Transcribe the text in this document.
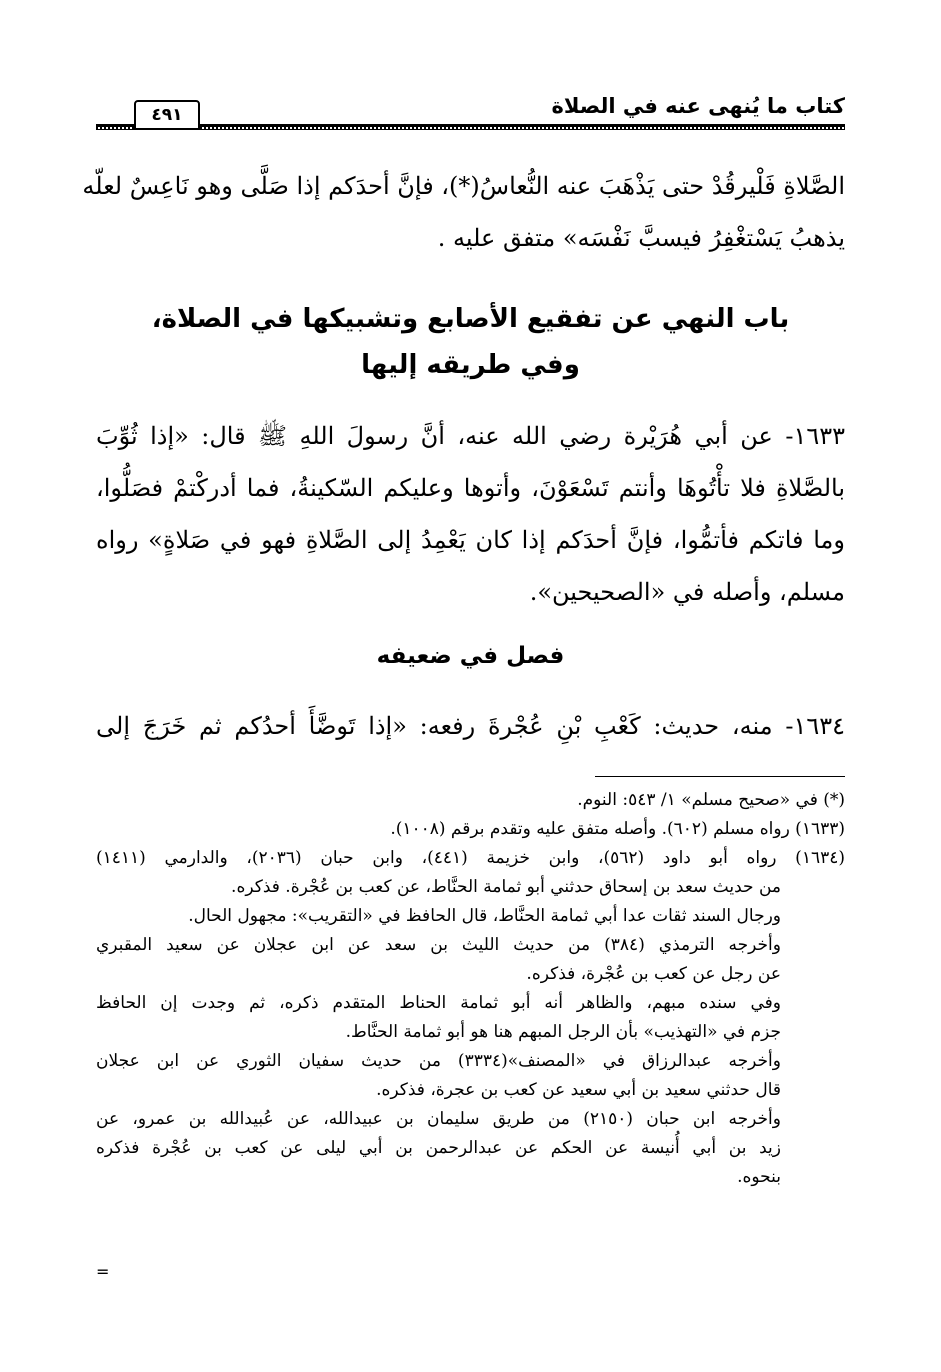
كتاب ما يُنهى عنه في الصلاة
٤٩١
الصَّلاةِ فَلْيرقُدْ حتى يَذْهَبَ عنه النُّعاسُ(*)، فإنَّ أحدَكم إذا صَلَّى وهو نَاعِسٌ لعلّه
يذهبُ يَسْتغْفِرُ فيسبَّ نَفْسَه» متفق عليه .
باب النهي عن تفقيع الأصابع وتشبيكها في الصلاة،
وفي طريقه إليها
١٦٣٣- عن أبي هُرَيْرة رضي الله عنه، أنَّ رسولَ اللهِ ﷺ قال: «إذا ثُوِّبَ
بالصَّلاةِ فلا تأْتُوهَا وأنتم تَسْعَوْنَ، وأتوها وعليكم السّكينةُ، فما أدركْتمْ فصَلُّوا،
وما فاتكم فأتمُّوا، فإنَّ أحدَكم إذا كان يَعْمِدُ إلى الصَّلاةِ فهو في صَلاةٍ» رواه
مسلم، وأصله في «الصحيحين».
فصل في ضعيفه
١٦٣٤- منه، حديث: كَعْبِ بْنِ عُجْرةَ رفعه: «إذا تَوضَّأَ أحدُكم ثم خَرَجَ إلى
(*) في «صحيح مسلم» ١/ ٥٤٣: النوم.
(١٦٣٣) رواه مسلم (٦٠٢). وأصله متفق عليه وتقدم برقم (١٠٠٨).
(١٦٣٤) رواه أبو داود (٥٦٢)، وابن خزيمة (٤٤١)، وابن حبان (٢٠٣٦)، والدارمي (١٤١١)
من حديث سعد بن إسحاق حدثني أبو ثمامة الحنَّاط، عن كعب بن عُجْرة. فذكره.
ورجال السند ثقات عدا أبي ثمامة الحنَّاط، قال الحافظ في «التقريب»: مجهول الحال.
وأخرجه الترمذي (٣٨٤) من حديث الليث بن سعد عن ابن عجلان عن سعيد المقبري
عن رجل عن كعب بن عُجْرة، فذكره.
وفي سنده مبهم، والظاهر أنه أبو ثمامة الحناط المتقدم ذكره، ثم وجدت إن الحافظ
جزم في «التهذيب» بأن الرجل المبهم هنا هو أبو ثمامة الحنَّاط.
وأخرجه عبدالرزاق في «المصنف»(٣٣٣٤) من حديث سفيان الثوري عن ابن عجلان
قال حدثني سعيد بن أبي سعيد عن كعب بن عجرة، فذكره.
وأخرجه ابن حبان (٢١٥٠) من طريق سليمان بن عبيدالله، عن عُبيدالله بن عمرو، عن
زيد بن أبي أُنيسة عن الحكم عن عبدالرحمن بن أبي ليلى عن كعب بن عُجْرة فذكره
بنحوه.
=
